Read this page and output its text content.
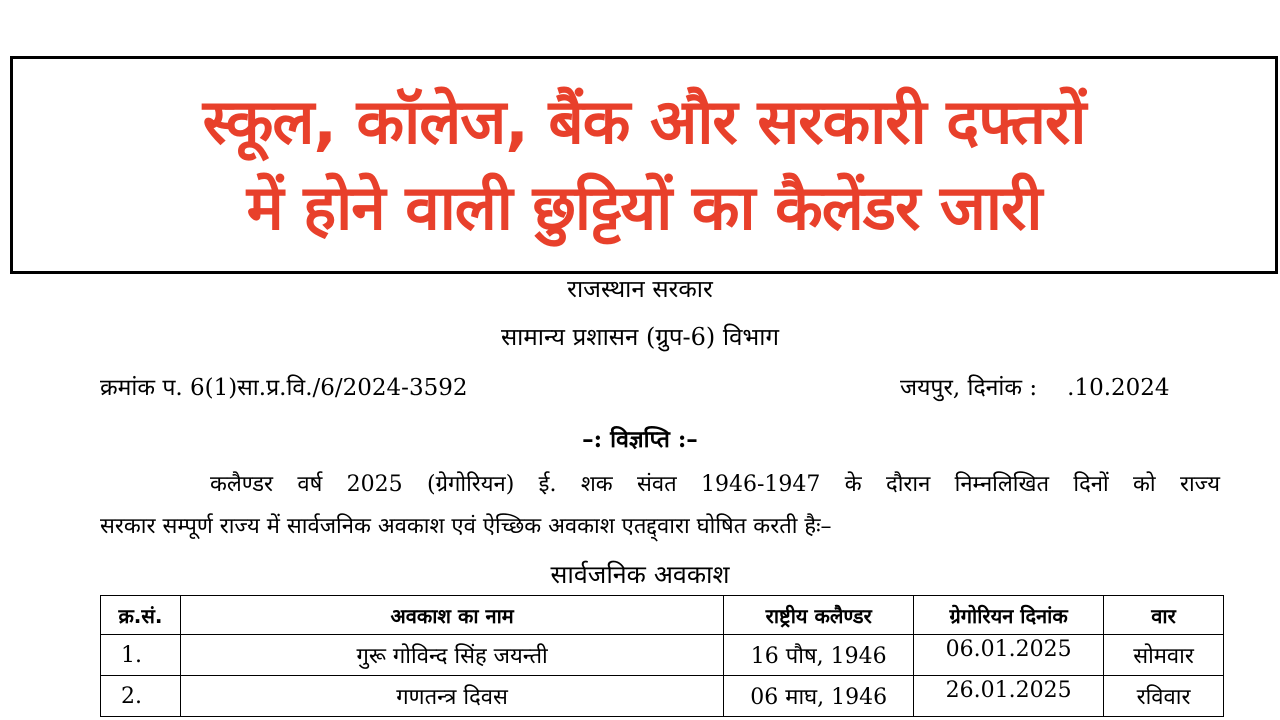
राजस्थान सरकार
सामान्य प्रशासन (ग्रुप-6) विभाग
क्रमांक प. 6(1)सा.प्र.वि./6/2024-3592	जयपुर, दिनांक : .10.2024
–: विज्ञप्ति :–
कलैण्डर वर्ष 2025 (ग्रेगोरियन) ई. शक संवत 1946-1947 के दौरान निम्नलिखित दिनों को राज्य
सरकार सम्पूर्ण राज्य में सार्वजनिक अवकाश एवं ऐच्छिक अवकाश एतद्द्वारा घोषित करती हैः–
सार्वजनिक अवकाश
क्र.सं.	अवकाश का नाम	राष्ट्रीय कलैण्डर	ग्रेगोरियन दिनांक	वार
1.	गुरू गोविन्द सिंह जयन्ती	16 पौष, 1946	06.01.2025	सोमवार
2.	गणतन्त्र दिवस	06 माघ, 1946	26.01.2025	रविवार
स्कूल, कॉलेज, बैंक और सरकारी दफ्तरों
में होने वाली छुट्टियों का कैलेंडर जारी
